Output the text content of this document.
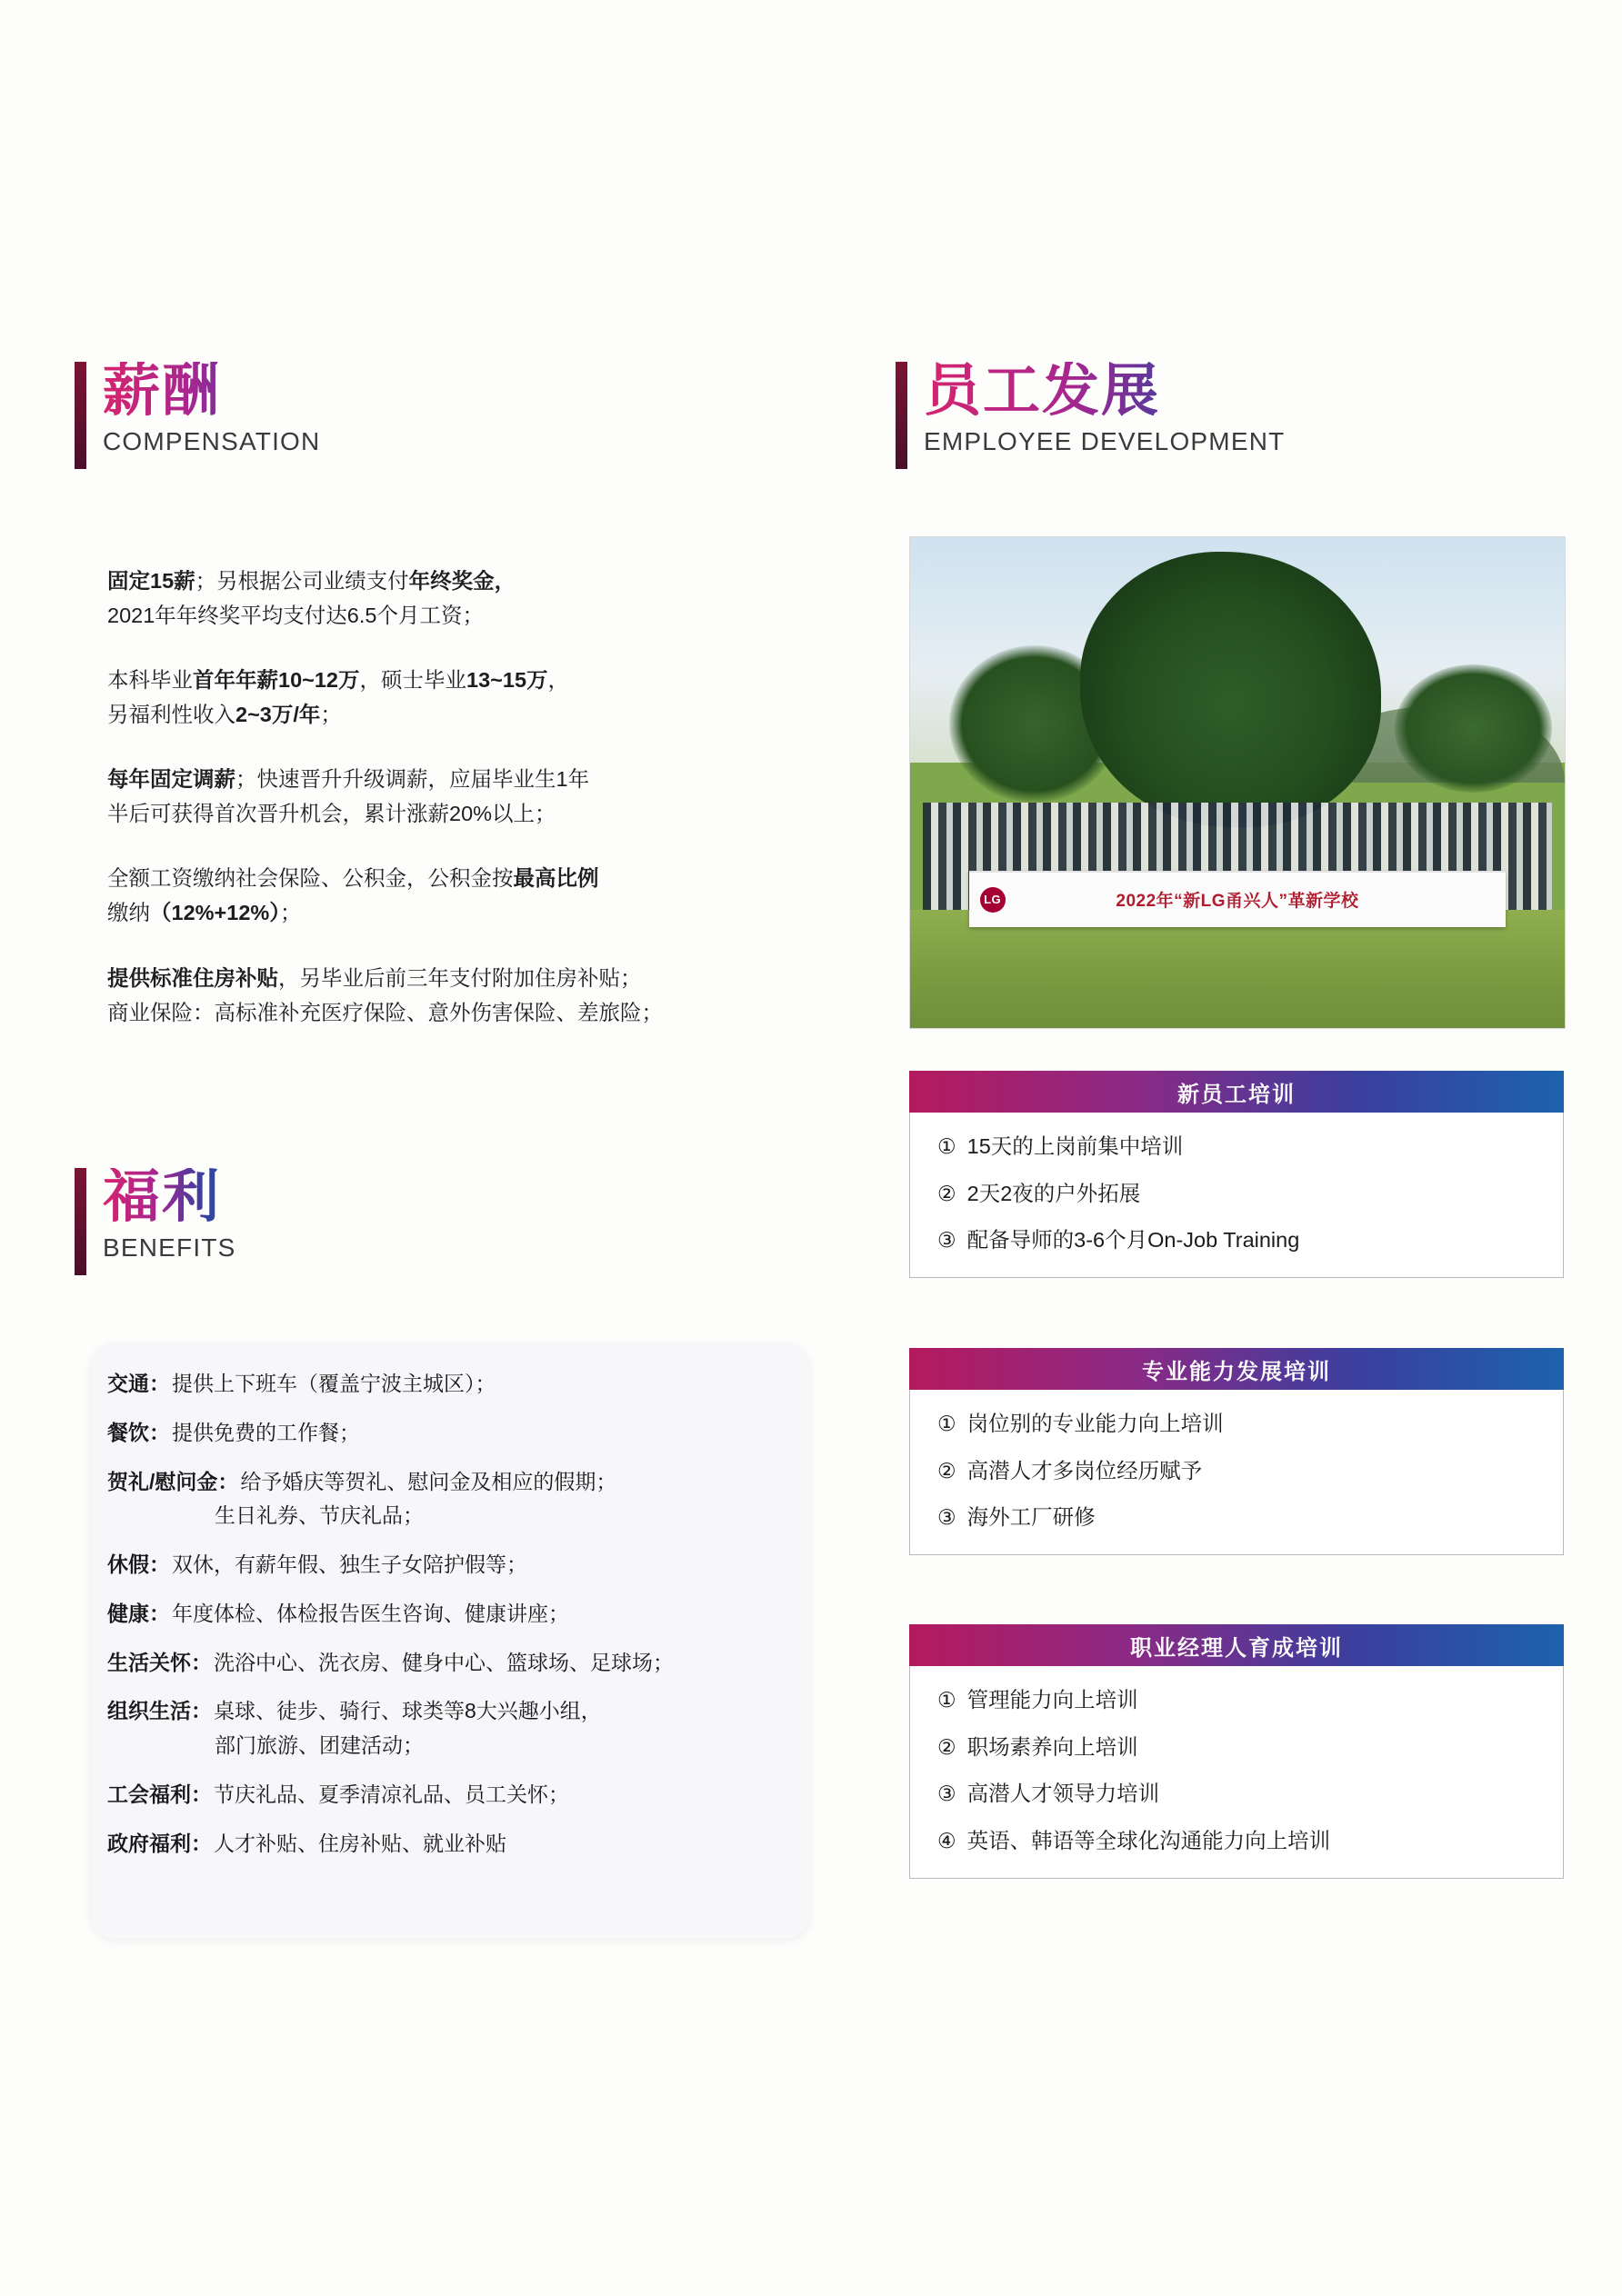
薪酬
COMPENSATION
固定15薪；另根据公司业绩支付年终奖金，
2021年年终奖平均支付达6.5个月工资；
本科毕业首年年薪10~12万，硕士毕业13~15万，
另福利性收入2~3万/年；
每年固定调薪；快速晋升升级调薪，应届毕业生1年
半后可获得首次晋升机会，累计涨薪20%以上；
全额工资缴纳社会保险、公积金，公积金按最高比例
缴纳（12%+12%）；
提供标准住房补贴，另毕业后前三年支付附加住房补贴；
商业保险：高标准补充医疗保险、意外伤害保险、差旅险；
福利
BENEFITS
交通： 提供上下班车（覆盖宁波主城区）；
餐饮： 提供免费的工作餐；
贺礼/慰问金： 给予婚庆等贺礼、慰问金及相应的假期；
生日礼券、节庆礼品；
休假： 双休，有薪年假、独生子女陪护假等；
健康： 年度体检、体检报告医生咨询、健康讲座；
生活关怀： 洗浴中心、洗衣房、健身中心、篮球场、足球场；
组织生活： 桌球、徒步、骑行、球类等8大兴趣小组，
部门旅游、团建活动；
工会福利： 节庆礼品、夏季清凉礼品、员工关怀；
政府福利： 人才补贴、住房补贴、就业补贴
员工发展
EMPLOYEE DEVELOPMENT
LG	2022年“新LG甬兴人”革新学校
新员工培训
① 15天的上岗前集中培训
② 2天2夜的户外拓展
③ 配备导师的3-6个月On-Job Training
专业能力发展培训
① 岗位别的专业能力向上培训
② 高潜人才多岗位经历赋予
③ 海外工厂研修
职业经理人育成培训
① 管理能力向上培训
② 职场素养向上培训
③ 高潜人才领导力培训
④ 英语、韩语等全球化沟通能力向上培训
